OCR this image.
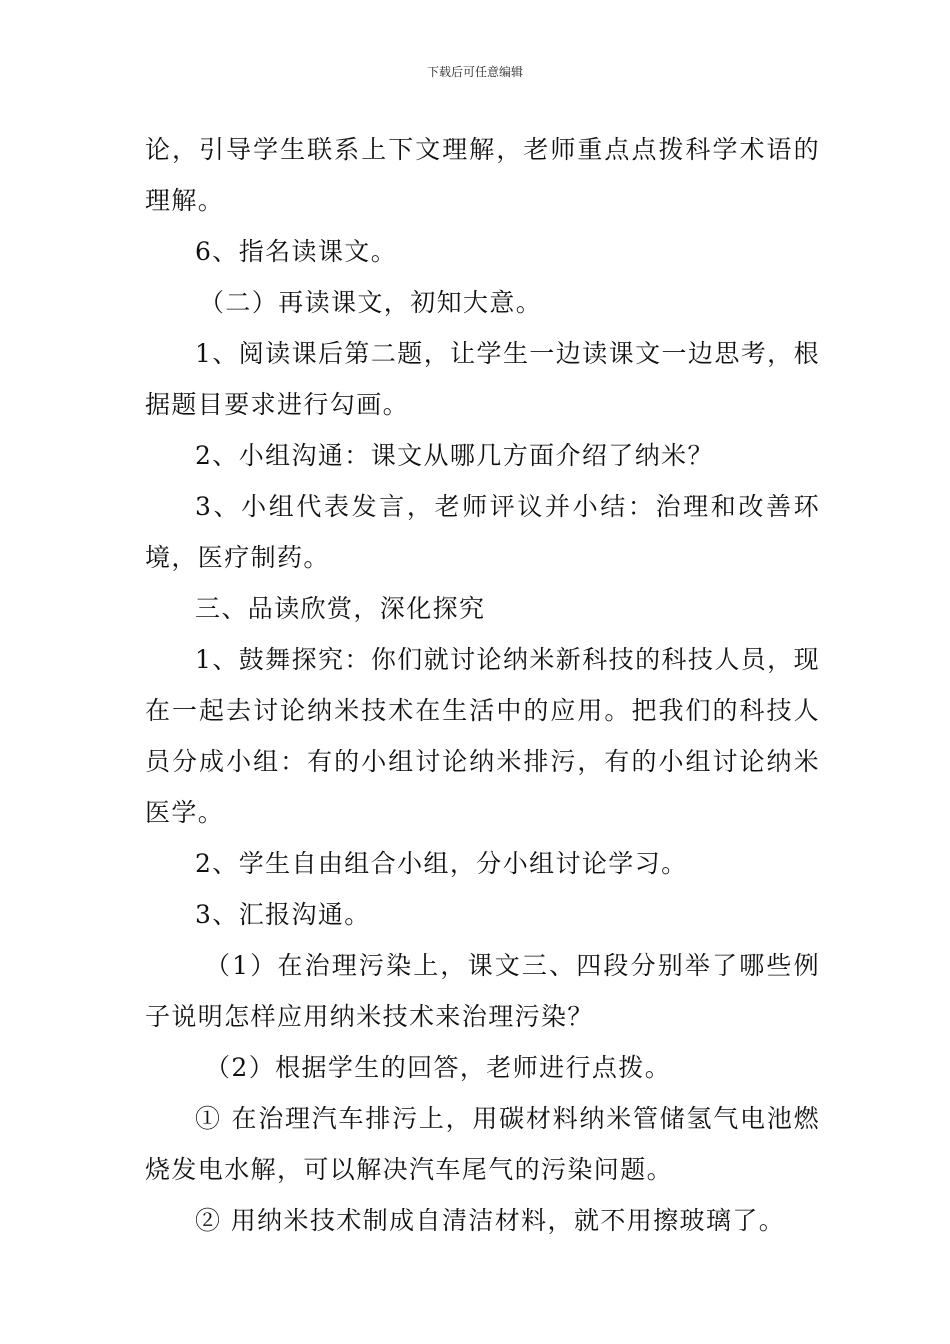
下载后可任意编辑

论，引导学生联系上下文理解，老师重点点拨科学术语的理解。

6、指名读课文。

（二）再读课文，初知大意。

1、阅读课后第二题，让学生一边读课文一边思考，根据题目要求进行勾画。

2、小组沟通：课文从哪几方面介绍了纳米？

3、小组代表发言，老师评议并小结：治理和改善环境，医疗制药。

三、品读欣赏，深化探究

1、鼓舞探究：你们就讨论纳米新科技的科技人员，现在一起去讨论纳米技术在生活中的应用。把我们的科技人员分成小组：有的小组讨论纳米排污，有的小组讨论纳米医学。

2、学生自由组合小组，分小组讨论学习。

3、汇报沟通。

（1）在治理污染上，课文三、四段分别举了哪些例子说明怎样应用纳米技术来治理污染？

（2）根据学生的回答，老师进行点拨。

① 在治理汽车排污上，用碳材料纳米管储氢气电池燃烧发电水解，可以解决汽车尾气的污染问题。

② 用纳米技术制成自清洁材料，就不用擦玻璃了。
